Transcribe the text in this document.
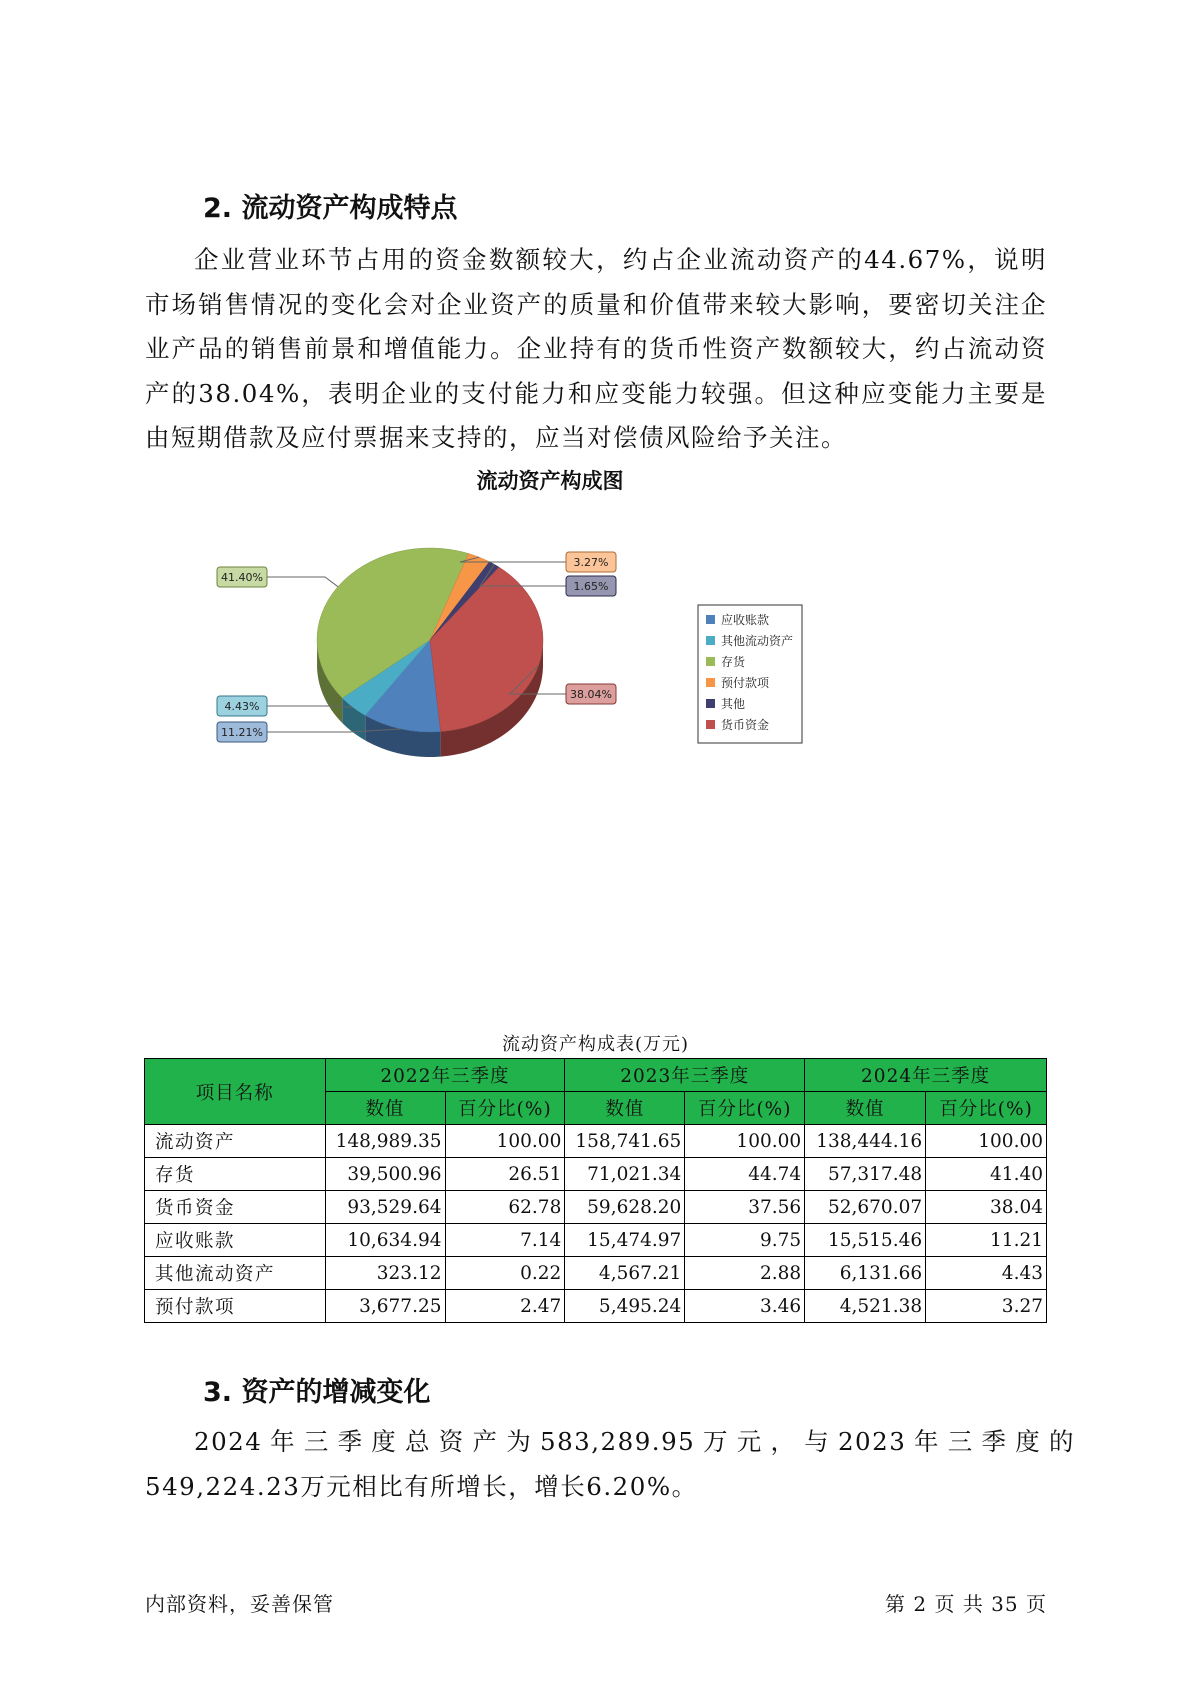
2. 流动资产构成特点
企业营业环节占用的资金数额较大，约占企业流动资产的44.67%，说明市场销售情况的变化会对企业资产的质量和价值带来较大影响，要密切关注企业产品的销售前景和增值能力。企业持有的货币性资产数额较大，约占流动资产的38.04%，表明企业的支付能力和应变能力较强。但这种应变能力主要是由短期借款及应付票据来支持的，应当对偿债风险给予关注。
流动资产构成图
11.21%
4.43%
41.40%
3.27%
1.65%
38.04%
应收账款
其他流动资产
存货
预付款项
其他
货币资金
流动资产构成表(万元)
项目名称	2022年三季度		2023年三季度		2024年三季度	
	数值	百分比(%)	数值	百分比(%)	数值	百分比(%)
流动资产	148,989.35	100.00	158,741.65	100.00	138,444.16	100.00
存货	39,500.96	26.51	71,021.34	44.74	57,317.48	41.40
货币资金	93,529.64	62.78	59,628.20	37.56	52,670.07	38.04
应收账款	10,634.94	7.14	15,474.97	9.75	15,515.46	11.21
其他流动资产	323.12	0.22	4,567.21	2.88	6,131.66	4.43
预付款项	3,677.25	2.47	5,495.24	3.46	4,521.38	3.27
3. 资产的增减变化
2024年三季度总资产为583,289.95万元，与2023年三季度的549,224.23万元相比有所增长，增长6.20%。
内部资料，妥善保管	第 2 页 共 35 页
